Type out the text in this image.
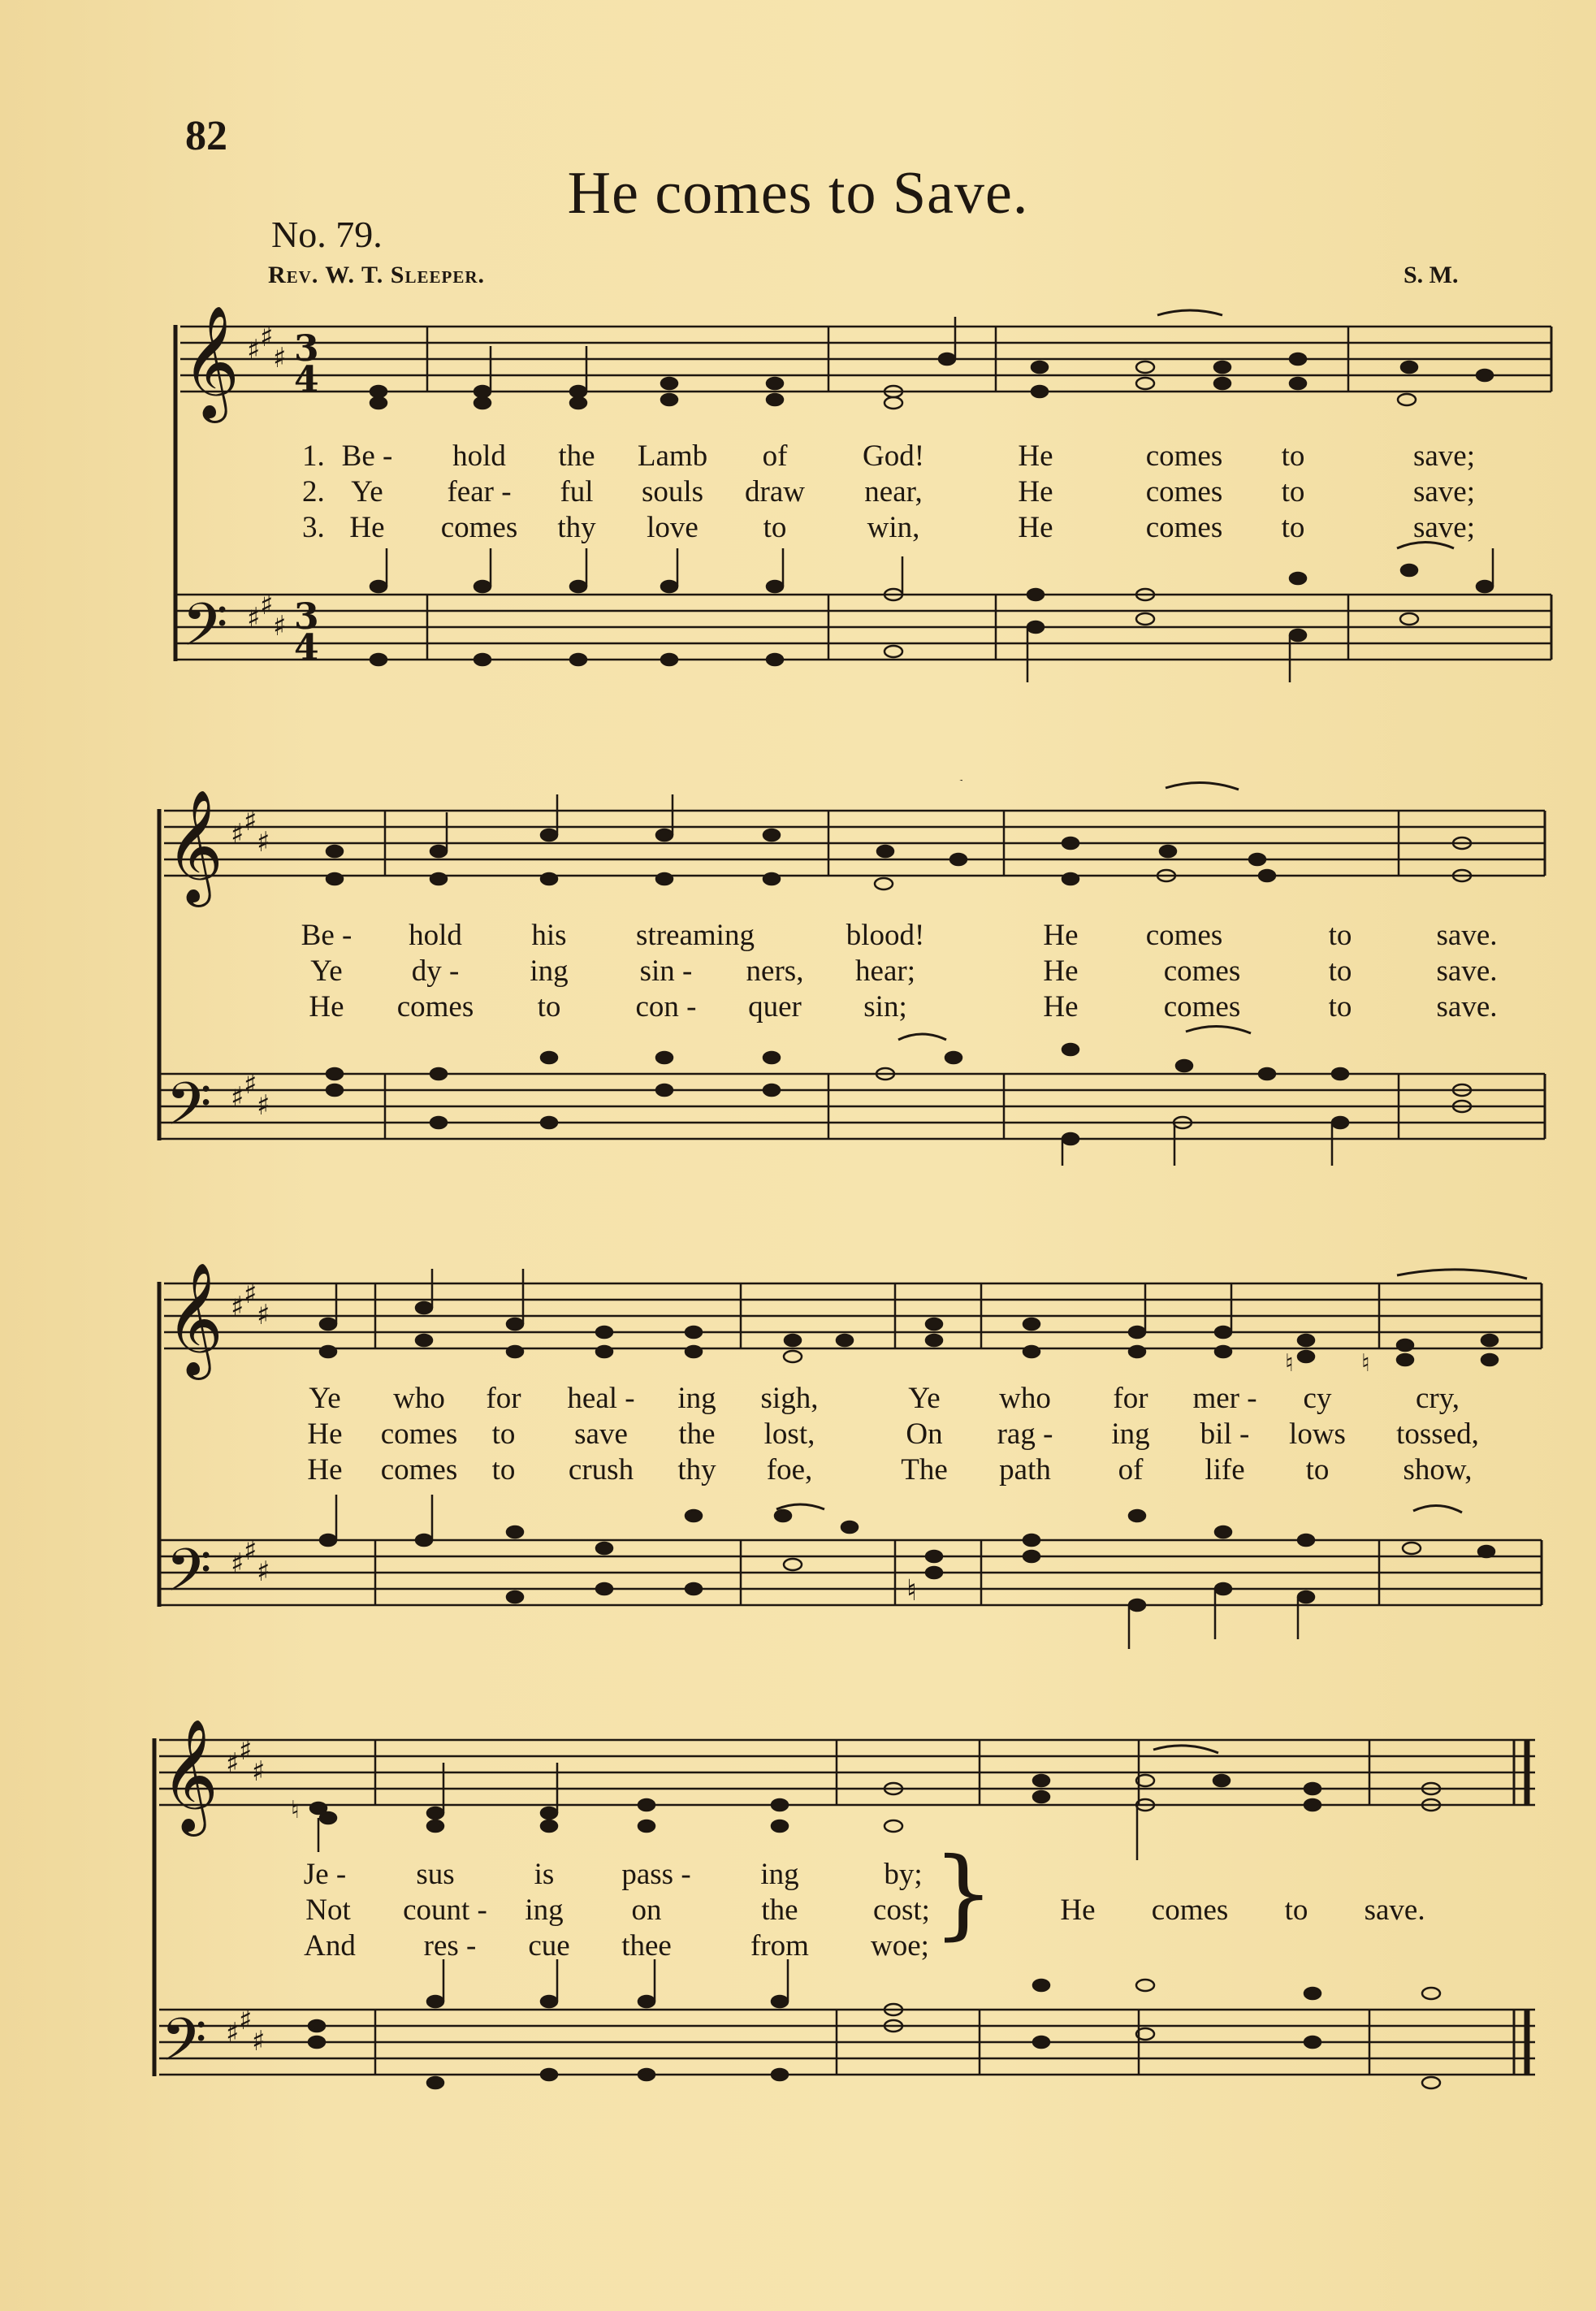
82
He comes to Save.
No. 79.
Rev. W. T. Sleeper.	S. M.
𝄞
𝄢
♯ ♯
♯
♯ ♯
♯
3
4
3
4
1.
2.
3.
Be - hold the Lamb of	God!	He	comes to	save;
Ye fear - ful souls draw near,	He	comes to	save;
He comes thy love to	win,	He	comes to	save;
𝄞
𝄢
♯ ♯
♯
♯ ♯
♯
Be - hold his streaming	blood!	He comes	to	save.
Ye dy - ing sin - ners, hear;	He	comes	to	save.
He comes to con - quer sin;	He	comes	to	save.
𝄞
𝄢
♯ ♯
♯
♯ ♯
♯
♮
♮	♮
Ye who for heal - ing sigh,	Ye who for mer - cy	cry,
He comes to save the lost,	On rag - ing bil - lows tossed,
He comes to crush thy foe,	The path of life to show,
𝄞
𝄢
♯ ♯
♯
♯ ♯
♯
♮
Je - sus	is pass - ing	by;
Not count - ing on	the cost;
And res - cue thee	from woe; } He comes to save.
